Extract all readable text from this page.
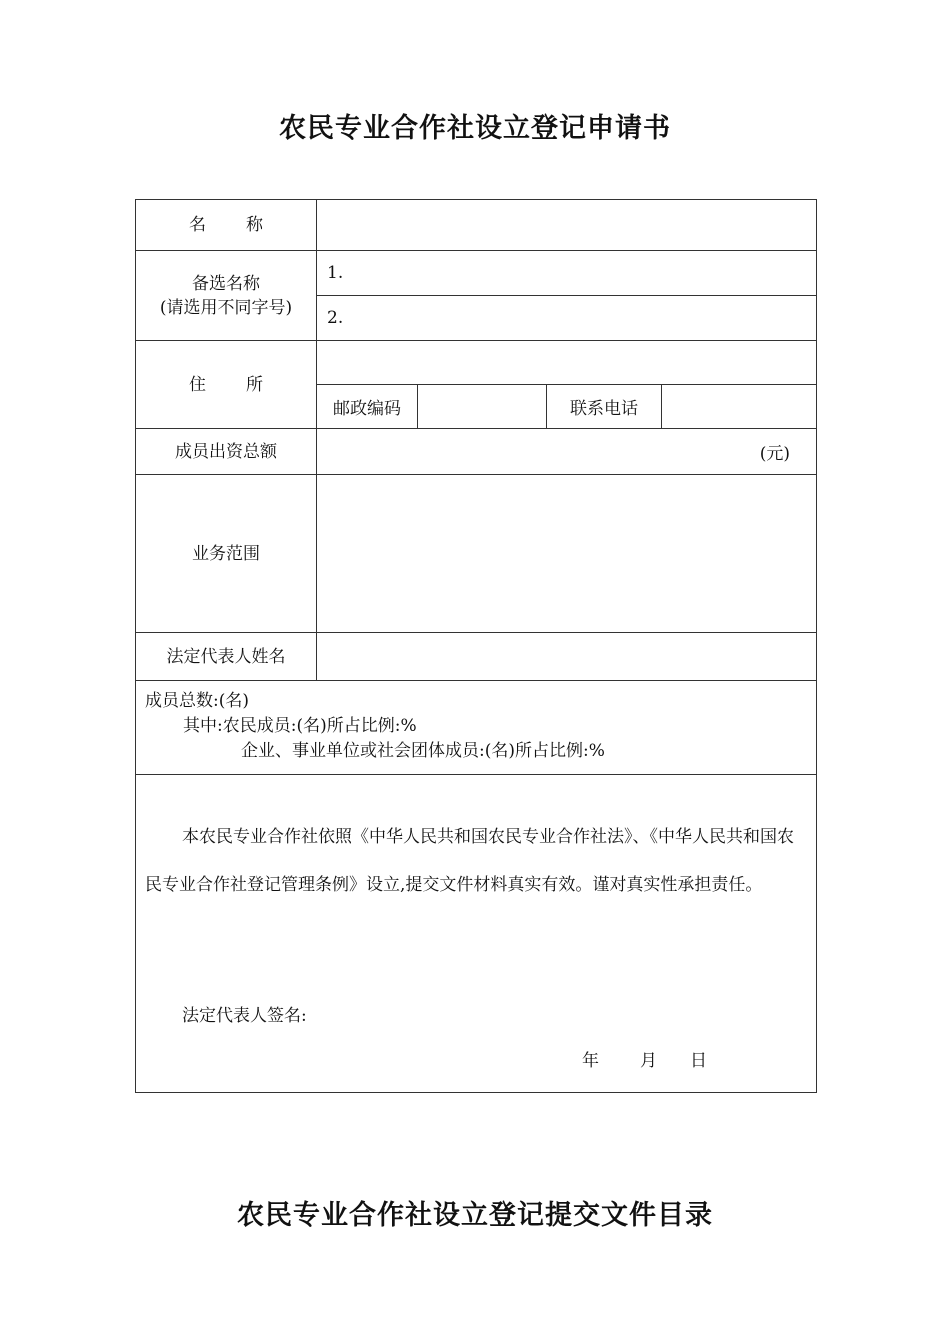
农民专业合作社设立登记申请书
名 称				

备选名称
(请选用不同字号)	1.			
	2.			
住 所				
	邮政编码		联系电话	
成员出资总额	(元)			
业务范围				
法定代表人姓名				

成员总数:(名)
其中:农民成员:(名)所占比例:%
企业、事业单位或社会团体成员:(名)所占比例:%				

本农民专业合作社依照《中华人民共和国农民专业合作社法》、《中华人民共和国农民专业合作社登记管理条例》设立,提交文件材料真实有效。谨对真实性承担责任。
法定代表人签名:
年 月 日				
农民专业合作社设立登记提交文件目录
